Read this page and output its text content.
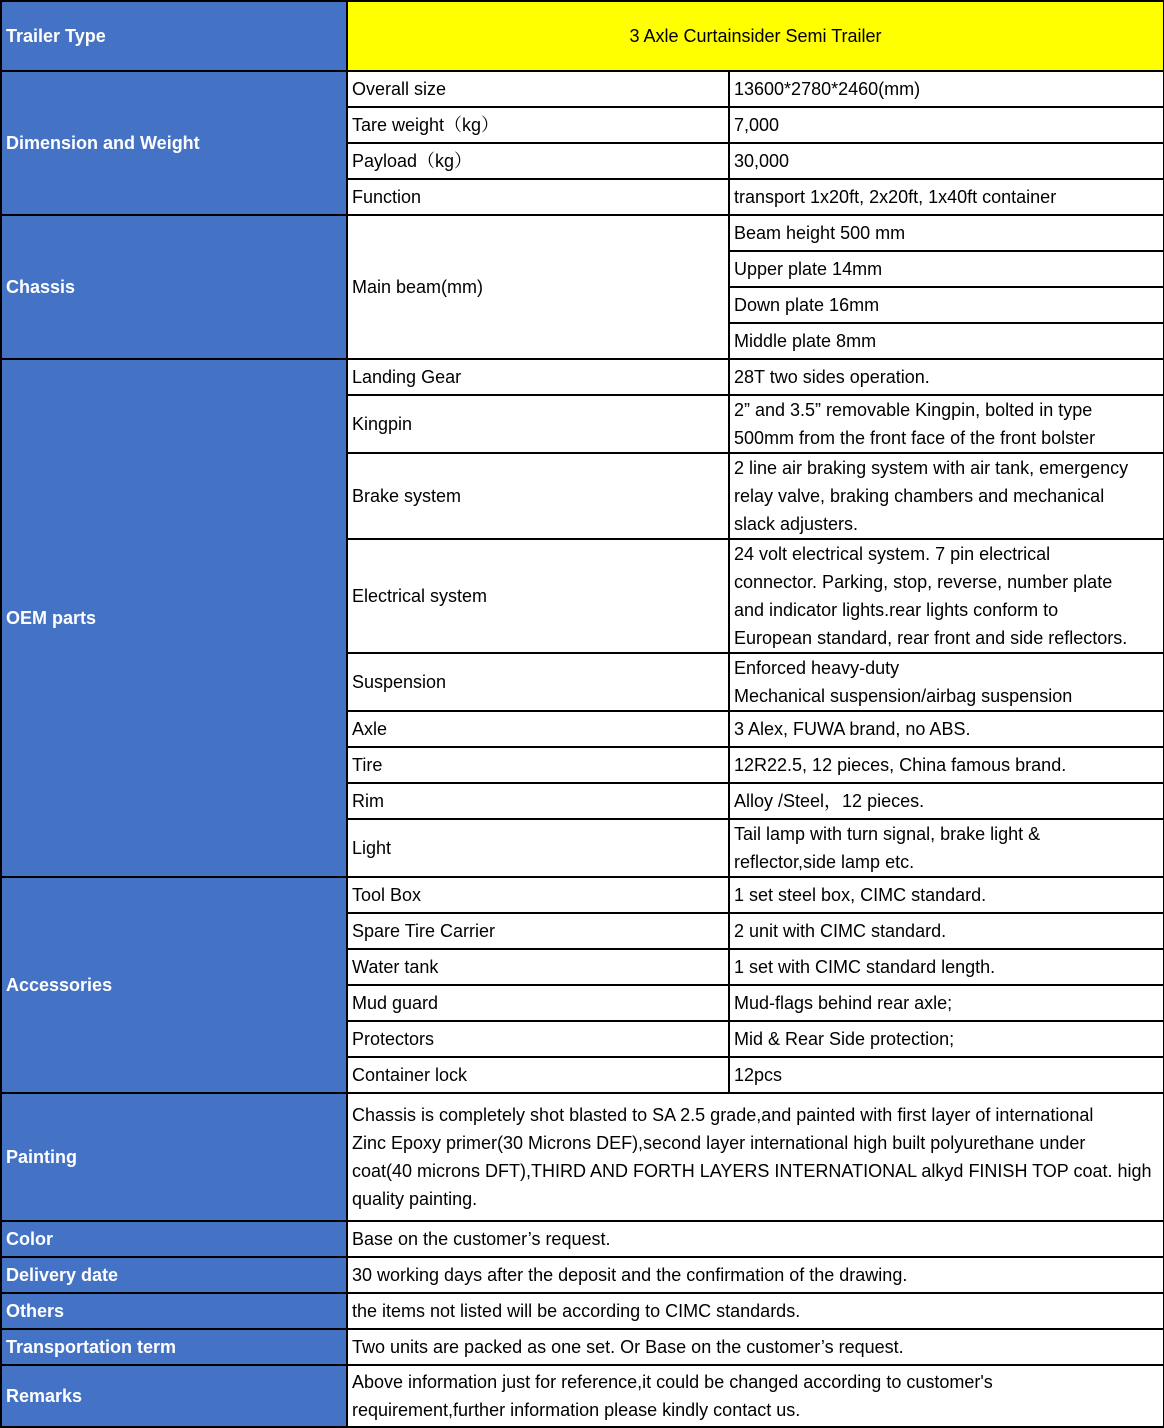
Trailer Type	3 Axle Curtainsider Semi Trailer	
Dimension and Weight	Overall size	13600*2780*2460(mm)
	Tare weight（kg）	7,000
	Payload（kg）	30,000
	Function	transport 1x20ft, 2x20ft, 1x40ft container
Chassis	Main beam(mm)	Beam height 500 mm
		Upper plate 14mm
		Down plate 16mm
		Middle plate 8mm
OEM parts	Landing Gear	28T two sides operation.

	Kingpin	2” and 3.5” removable Kingpin, bolted in type
500mm from the front face of the front bolster

	Brake system	2 line air braking system with air tank, emergency
relay valve, braking chambers and mechanical
slack adjusters.

	Electrical system	24 volt electrical system. 7 pin electrical
connector. Parking, stop, reverse, number plate
and indicator lights.rear lights conform to
European standard, rear front and side reflectors.

	Suspension	Enforced heavy-duty
Mechanical suspension/airbag suspension

	Axle	3 Alex, FUWA brand, no ABS.

	Tire	12R22.5, 12 pieces, China famous brand.

	Rim	Alloy /Steel，12 pieces.

	Light	Tail lamp with turn signal, brake light &
reflector,side lamp etc.

Accessories	Tool Box	1 set steel box, CIMC standard.
	Spare Tire Carrier	2 unit with CIMC standard.
	Water tank	1 set with CIMC standard length.
	Mud guard	Mud-flags behind rear axle;
	Protectors	Mid & Rear Side protection;
	Container lock	12pcs
Painting	Chassis is completely shot blasted to SA 2.5 grade,and painted with first layer of international
Zinc Epoxy primer(30 Microns DEF),second layer international high built polyurethane under
coat(40 microns DFT),THIRD AND FORTH LAYERS INTERNATIONAL alkyd FINISH TOP coat. high
quality painting.	

Color	Base on the customer’s request.	
Delivery date	30 working days after the deposit and the confirmation of the drawing.	
Others	the items not listed will be according to CIMC standards.	
Transportation term	Two units are packed as one set. Or Base on the customer’s request.	
Remarks	Above information just for reference,it could be changed according to customer's
requirement,further information please kindly contact us.	
